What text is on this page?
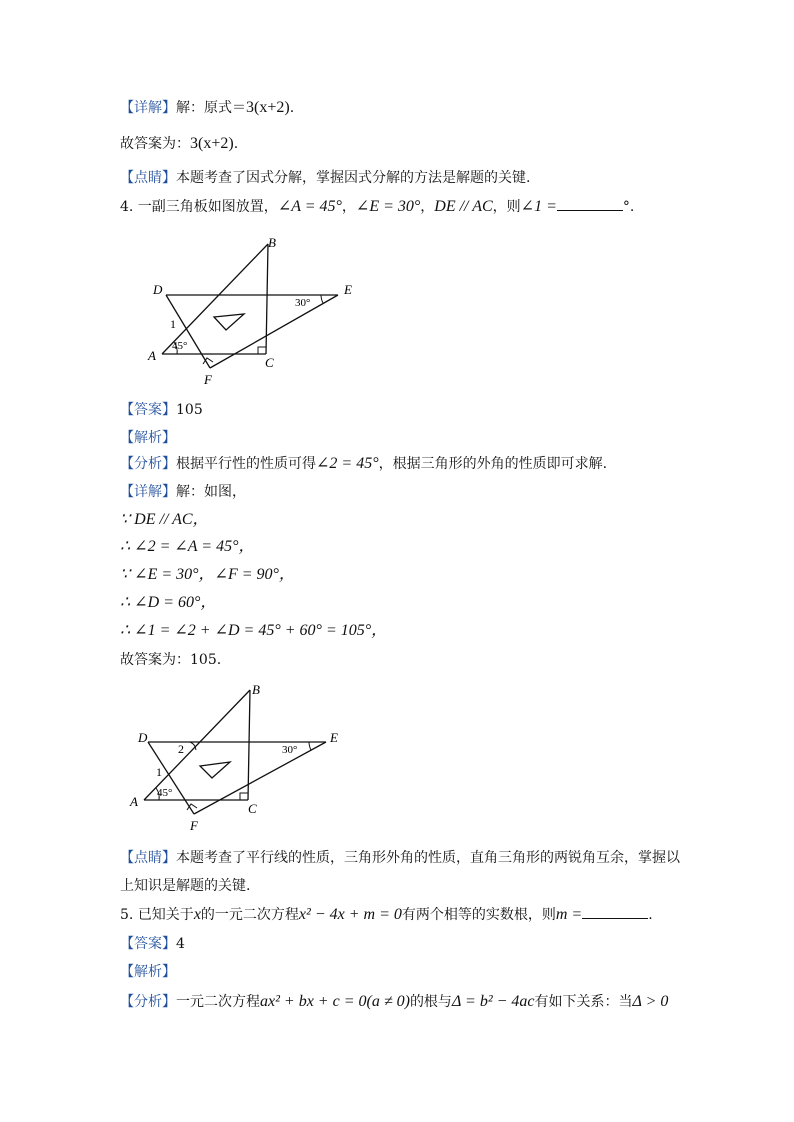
【详解】解：原式＝3(x+2).
故答案为：3(x+2).
【点睛】本题考查了因式分解，掌握因式分解的方法是解题的关键.
4. 一副三角板如图放置，∠A = 45°，∠E = 30°，DE // AC，则∠1 =	°.
A
B
C
D	E
F
1
45°
30°
【答案】105
【解析】
【分析】根据平行性的性质可得∠2 = 45°，根据三角形的外角的性质即可求解.
【详解】解：如图，
∵ DE // AC，
∴ ∠2 = ∠A = 45°，
∵ ∠E = 30°，∠F = 90°，
∴ ∠D = 60°，
∴ ∠1 = ∠2 + ∠D = 45° + 60° = 105°，
故答案为：105.
A
B
C
D	E
F
2
1
45°
30°
【点睛】本题考查了平行线的性质，三角形外角的性质，直角三角形的两锐角互余，掌握以
上知识是解题的关键.
5. 已知关于x的一元二次方程x² − 4x + m = 0有两个相等的实数根，则m =	.
【答案】4
【解析】
【分析】一元二次方程ax² + bx + c = 0(a ≠ 0)的根与Δ = b² − 4ac有如下关系：当Δ > 0
